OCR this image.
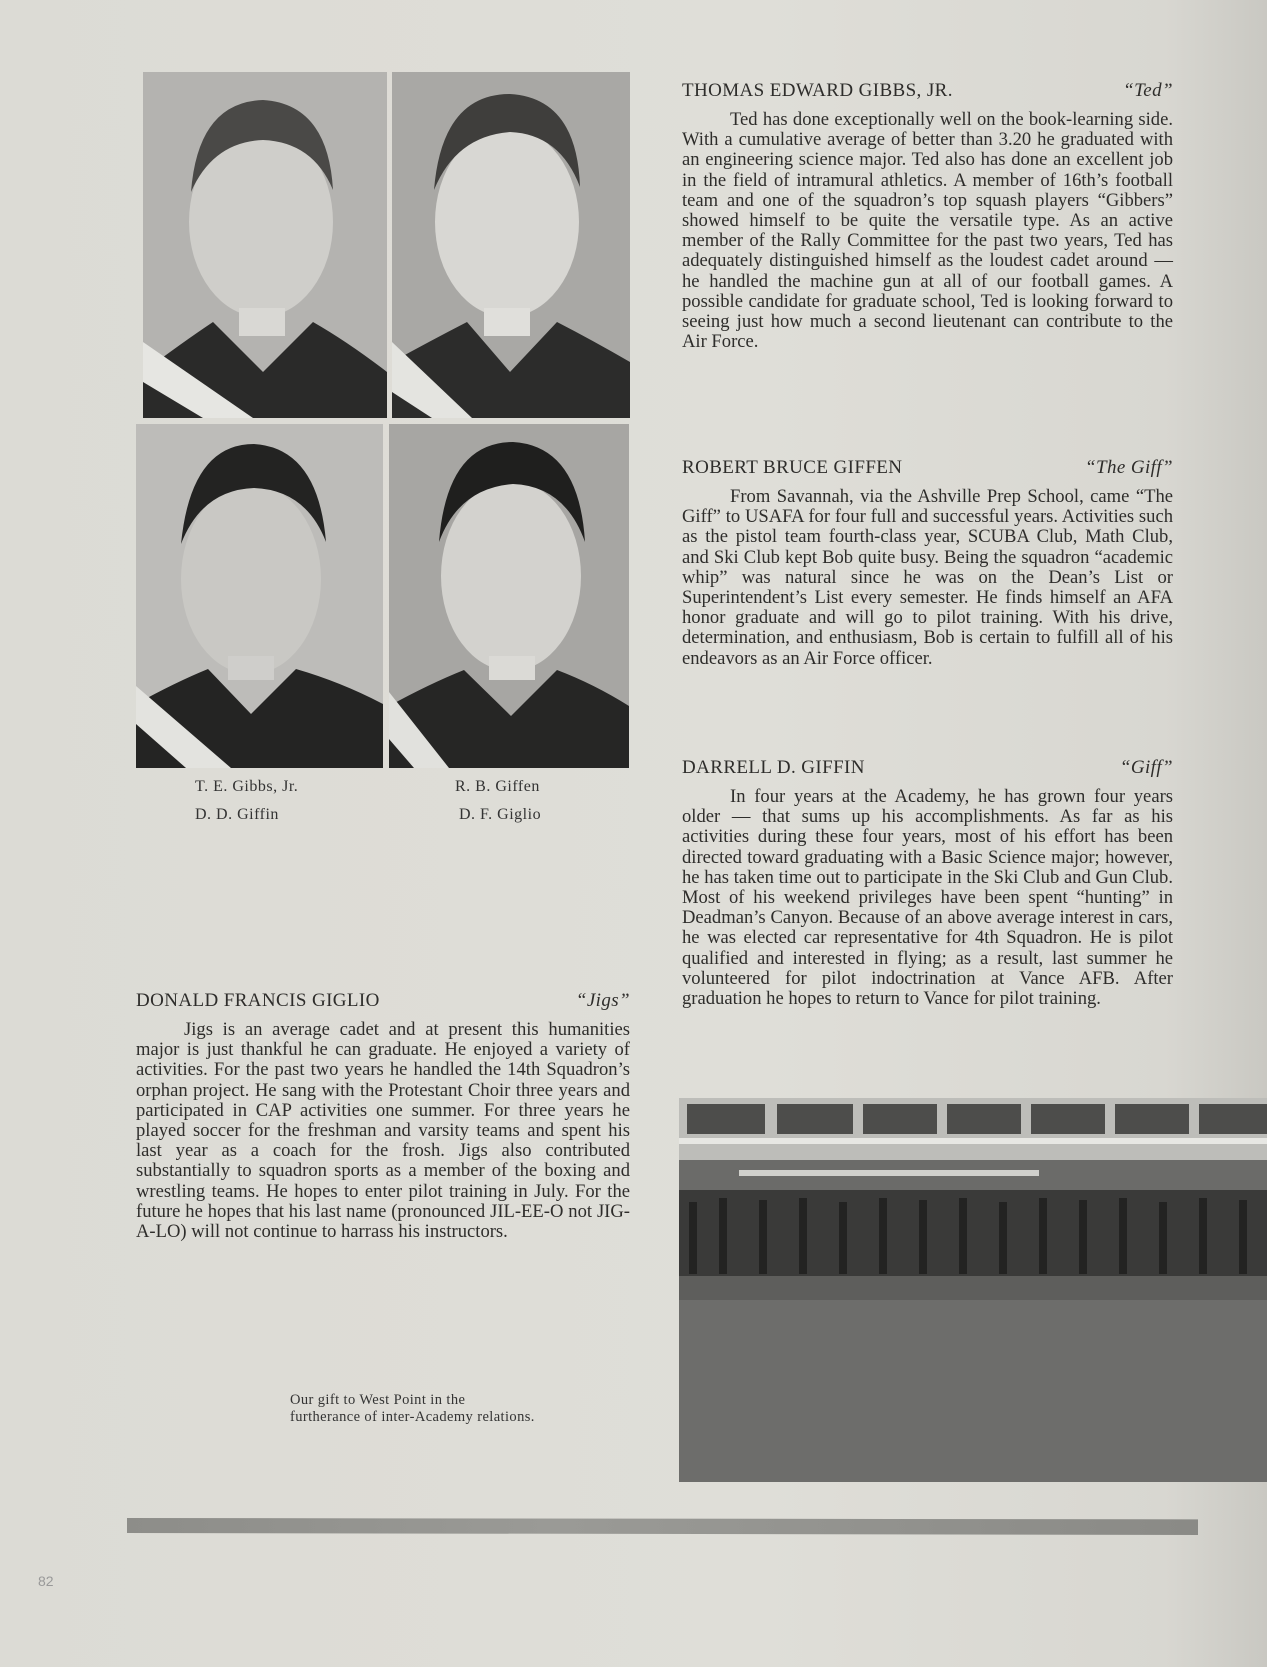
T. E. Gibbs, Jr.	R. B. Giffen
D. D. Giffin	D. F. Giglio
THOMAS EDWARD GIBBS, JR.	“Ted”

Ted has done exceptionally well on the book-learning side. With a cumulative average of better than 3.20 he graduated with an engineering science major. Ted also has done an excellent job in the field of intramural athletics. A member of 16th’s football team and one of the squadron’s top squash players “Gibbers” showed himself to be quite the versatile type. As an active member of the Rally Committee for the past two years, Ted has adequately distinguished himself as the loudest cadet around — he handled the machine gun at all of our football games. A possible candidate for graduate school, Ted is looking forward to seeing just how much a second lieutenant can contribute to the Air Force.

ROBERT BRUCE GIFFEN	“The Giff”

From Savannah, via the Ashville Prep School, came “The Giff” to USAFA for four full and successful years. Activities such as the pistol team fourth-class year, SCUBA Club, Math Club, and Ski Club kept Bob quite busy. Being the squadron “academic whip” was natural since he was on the Dean’s List or Superintendent’s List every semester. He finds himself an AFA honor graduate and will go to pilot training. With his drive, determination, and enthusiasm, Bob is certain to fulfill all of his endeavors as an Air Force officer.

DARRELL D. GIFFIN	“Giff”

In four years at the Academy, he has grown four years older — that sums up his accomplishments. As far as his activities during these four years, most of his effort has been directed toward graduating with a Basic Science major; however, he has taken time out to participate in the Ski Club and Gun Club. Most of his weekend privileges have been spent “hunting” in Deadman’s Canyon. Because of an above average interest in cars, he was elected car representative for 4th Squadron. He is pilot qualified and interested in flying; as a result, last summer he volunteered for pilot indoctrination at Vance AFB. After graduation he hopes to return to Vance for pilot training.

DONALD FRANCIS GIGLIO	“Jigs”

Jigs is an average cadet and at present this humanities major is just thankful he can graduate. He enjoyed a variety of activities. For the past two years he handled the 14th Squadron’s orphan project. He sang with the Protestant Choir three years and participated in CAP activities one summer. For three years he played soccer for the freshman and varsity teams and spent his last year as a coach for the frosh. Jigs also contributed substantially to squadron sports as a member of the boxing and wrestling teams. He hopes to enter pilot training in July. For the future he hopes that his last name (pronounced JIL-EE-O not JIG-A-LO) will not continue to harrass his instructors.

Our gift to West Point in the
furtherance of inter-Academy relations.
82
